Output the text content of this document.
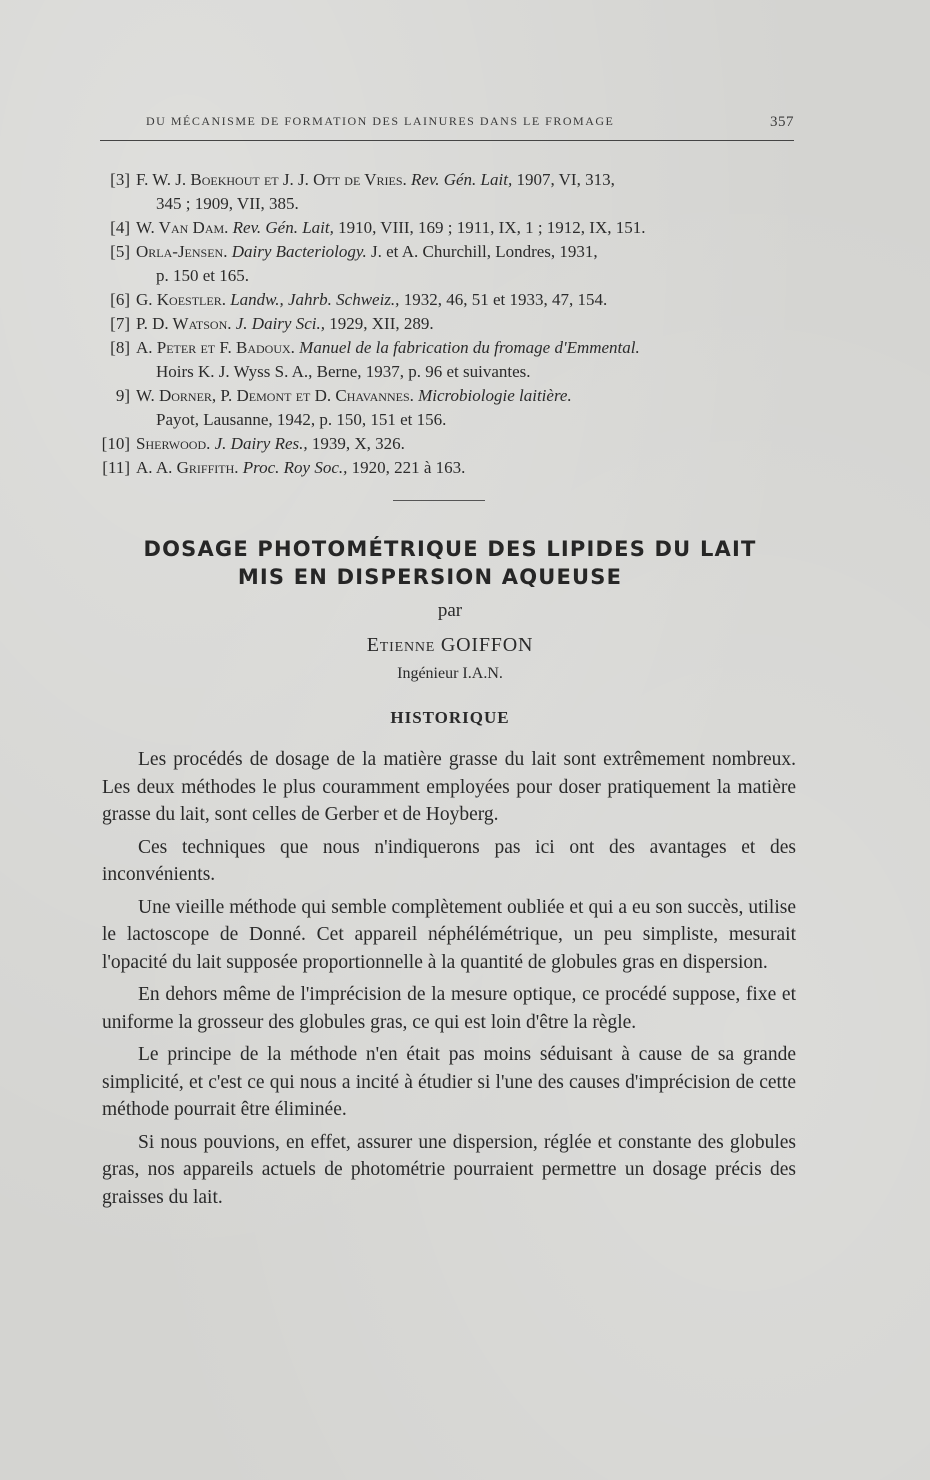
DU MÉCANISME DE FORMATION DES LAINURES DANS LE FROMAGE	357
[3] F. W. J. Boekhout et J. J. Ott de Vries. Rev. Gén. Lait, 1907, VI, 313,
345 ; 1909, VII, 385.
[4] W. Van Dam. Rev. Gén. Lait, 1910, VIII, 169 ; 1911, IX, 1 ; 1912, IX, 151.
[5] Orla-Jensen. Dairy Bacteriology. J. et A. Churchill, Londres, 1931,
p. 150 et 165.
[6] G. Koestler. Landw., Jahrb. Schweiz., 1932, 46, 51 et 1933, 47, 154.
[7] P. D. Watson. J. Dairy Sci., 1929, XII, 289.
[8] A. Peter et F. Badoux. Manuel de la fabrication du fromage d'Emmental.
Hoirs K. J. Wyss S. A., Berne, 1937, p. 96 et suivantes.
9] W. Dorner, P. Demont et D. Chavannes. Microbiologie laitière.
Payot, Lausanne, 1942, p. 150, 151 et 156.
[10] Sherwood. J. Dairy Res., 1939, X, 326.
[11] A. A. Griffith. Proc. Roy Soc., 1920, 221 à 163.
DOSAGE PHOTOMÉTRIQUE DES LIPIDES DU LAIT
MIS EN DISPERSION AQUEUSE
par
Etienne GOIFFON
Ingénieur I.A.N.
HISTORIQUE

Les procédés de dosage de la matière grasse du lait sont extrêmement nombreux. Les deux méthodes le plus couramment employées pour doser pratiquement la matière grasse du lait, sont celles de Gerber et de Hoyberg.

Ces techniques que nous n'indiquerons pas ici ont des avantages et des inconvénients.

Une vieille méthode qui semble complètement oubliée et qui a eu son succès, utilise le lactoscope de Donné. Cet appareil néphélémétrique, un peu simpliste, mesurait l'opacité du lait supposée proportionnelle à la quantité de globules gras en dispersion.

En dehors même de l'imprécision de la mesure optique, ce procédé suppose, fixe et uniforme la grosseur des globules gras, ce qui est loin d'être la règle.

Le principe de la méthode n'en était pas moins séduisant à cause de sa grande simplicité, et c'est ce qui nous a incité à étudier si l'une des causes d'imprécision de cette méthode pourrait être éliminée.

Si nous pouvions, en effet, assurer une dispersion, réglée et constante des globules gras, nos appareils actuels de photométrie pourraient permettre un dosage précis des graisses du lait.
